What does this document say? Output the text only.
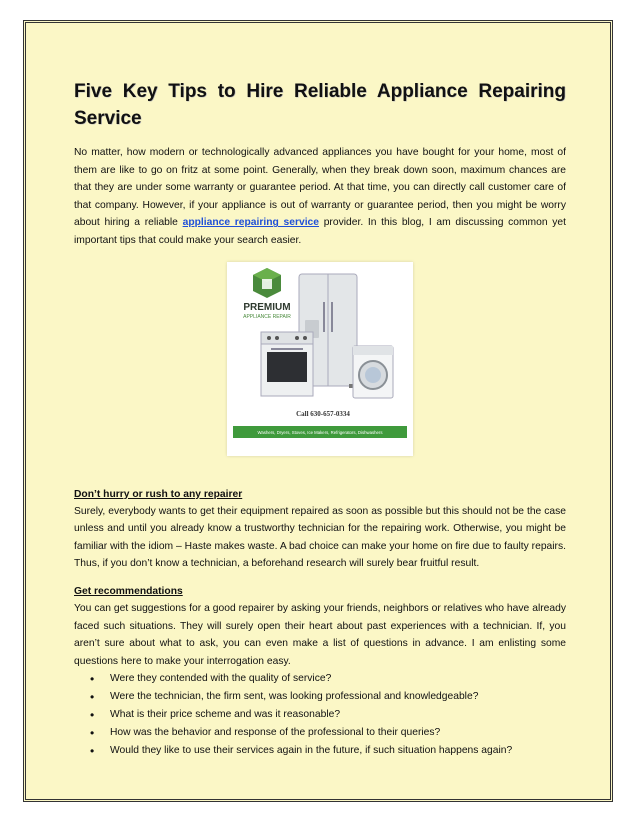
Five Key Tips to Hire Reliable Appliance Repairing Service

No matter, how modern or technologically advanced appliances you have bought for your home, most of them are like to go on fritz at some point. Generally, when they break down soon, maximum chances are that they are under some warranty or guarantee period. At that time, you can directly call customer care of that company. However, if your appliance is out of warranty or guarantee period, then you might be worry about hiring a reliable appliance repairing service provider. In this blog, I am discussing common yet important tips that could make your search easier.

PREMIUM
APPLIANCE REPAIR
Call 630-657-0334
Washers, Dryers, Stoves, Ice Makers, Refrigerators, Dishwashers
Don’t hurry or rush to any repairer

Surely, everybody wants to get their equipment repaired as soon as possible but this should not be the case unless and until you already know a trustworthy technician for the repairing work. Otherwise, you might be familiar with the idiom – Haste makes waste. A bad choice can make your home on fire due to faulty repairs. Thus, if you don’t know a technician, a beforehand research will surely bear fruitful result.

Get recommendations

You can get suggestions for a good repairer by asking your friends, neighbors or relatives who have already faced such situations. They will surely open their heart about past experiences with a technician. If, you aren’t sure about what to ask, you can even make a list of questions in advance. I am enlisting some questions here to make your interrogation easy.

• Were they contended with the quality of service?
• Were the technician, the firm sent, was looking professional and knowledgeable?
• What is their price scheme and was it reasonable?
• How was the behavior and response of the professional to their queries?
• Would they like to use their services again in the future, if such situation happens again?
